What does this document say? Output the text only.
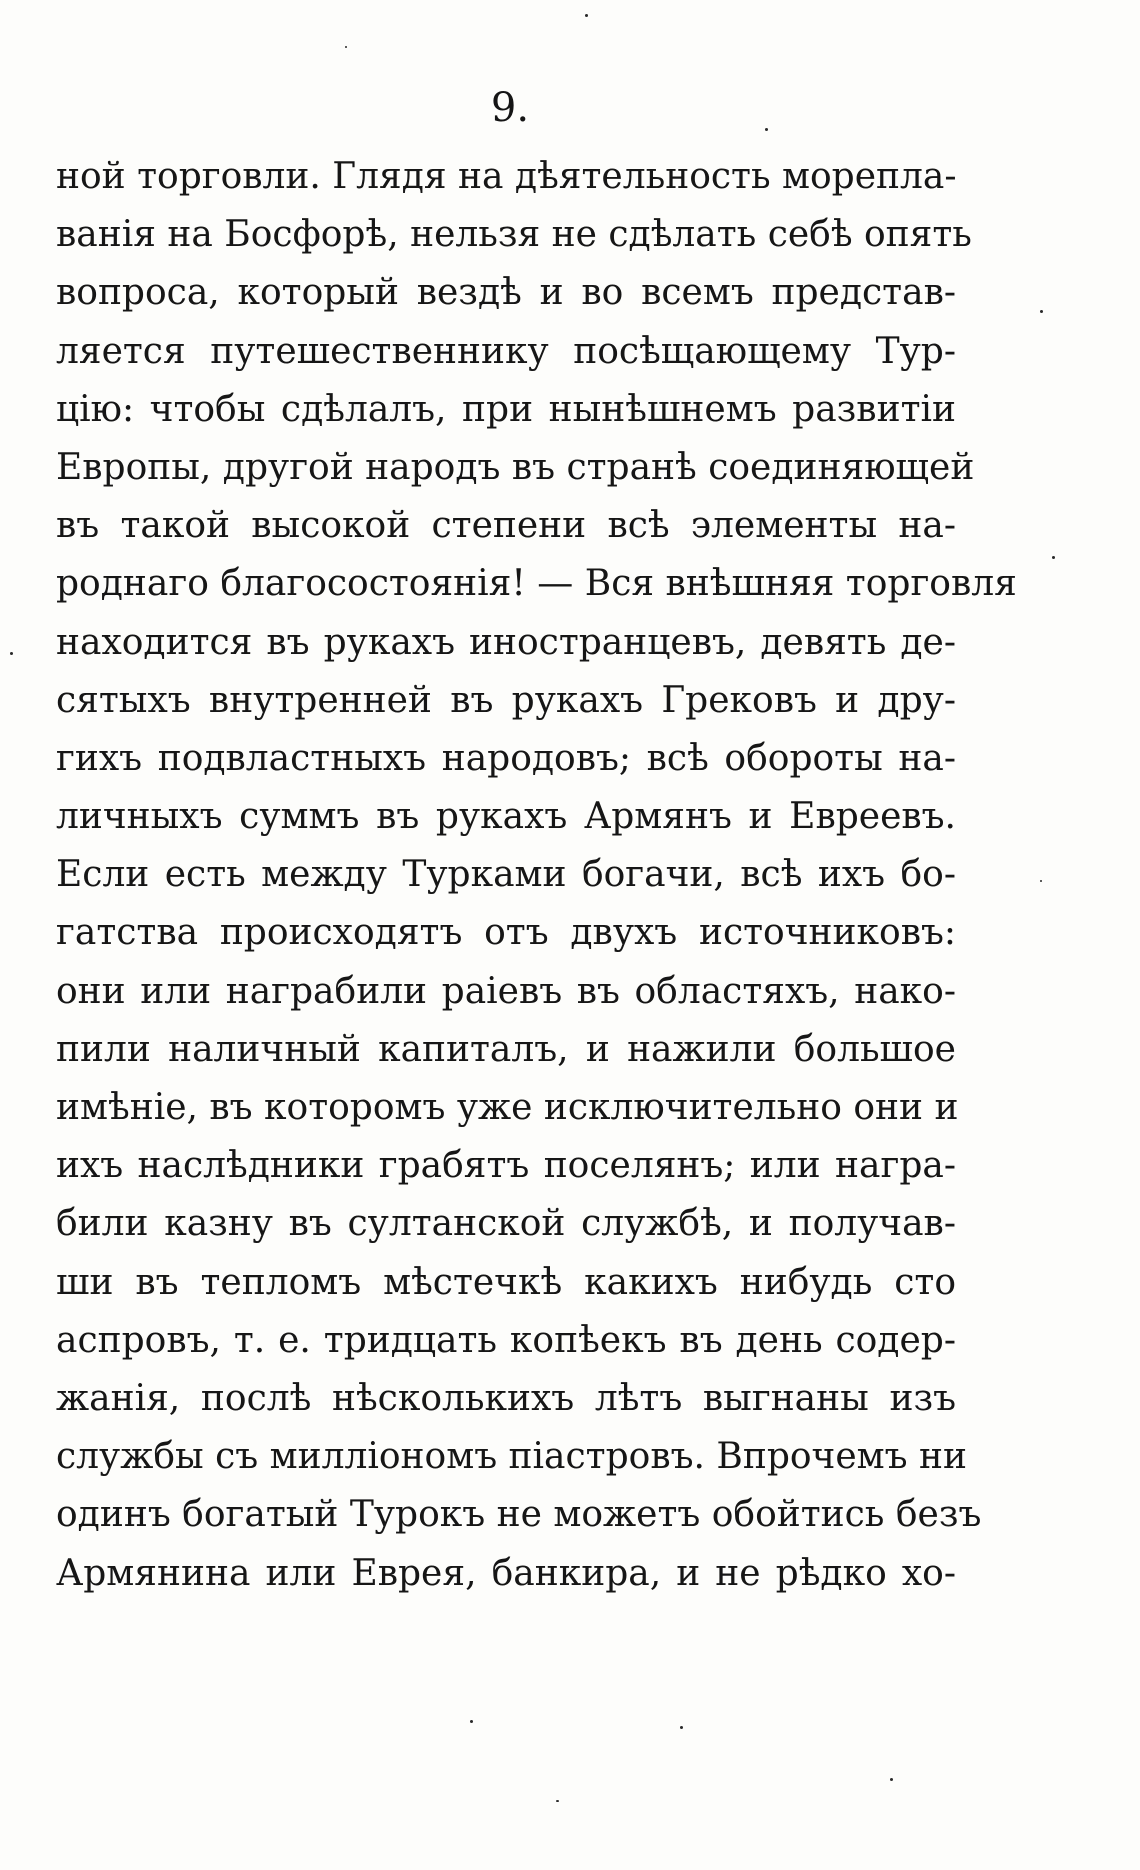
9.
ной торговли. Глядя на дѣятельность морепла-
ванія на Босфорѣ, нельзя не сдѣлать себѣ опять
вопроса, который вездѣ и во всемъ представ-
ляется путешественнику посѣщающему Тур-
цію: чтобы сдѣлалъ, при нынѣшнемъ развитіи
Европы, другой народъ въ странѣ соединяющей
въ такой высокой степени всѣ элементы на-
роднаго благосостоянія! — Вся внѣшняя торговля
находится въ рукахъ иностранцевъ, девять де-
сятыхъ внутренней въ рукахъ Грековъ и дру-
гихъ подвластныхъ народовъ; всѣ обороты на-
личныхъ суммъ въ рукахъ Армянъ и Евреевъ.
Если есть между Турками богачи, всѣ ихъ бо-
гатства происходятъ отъ двухъ источниковъ:
они или награбили раіевъ въ областяхъ, нако-
пили наличный капиталъ, и нажили большое
имѣніе, въ которомъ уже исключительно они и
ихъ наслѣдники грабятъ поселянъ; или награ-
били казну въ султанской службѣ, и получав-
ши въ тепломъ мѣстечкѣ какихъ нибудь сто
аспровъ, т. е. тридцать копѣекъ въ день содер-
жанія, послѣ нѣсколькихъ лѣтъ выгнаны изъ
службы съ милліономъ піастровъ. Впрочемъ ни
одинъ богатый Турокъ не можетъ обойтись безъ
Армянина или Еврея, банкира, и не рѣдко хо-
